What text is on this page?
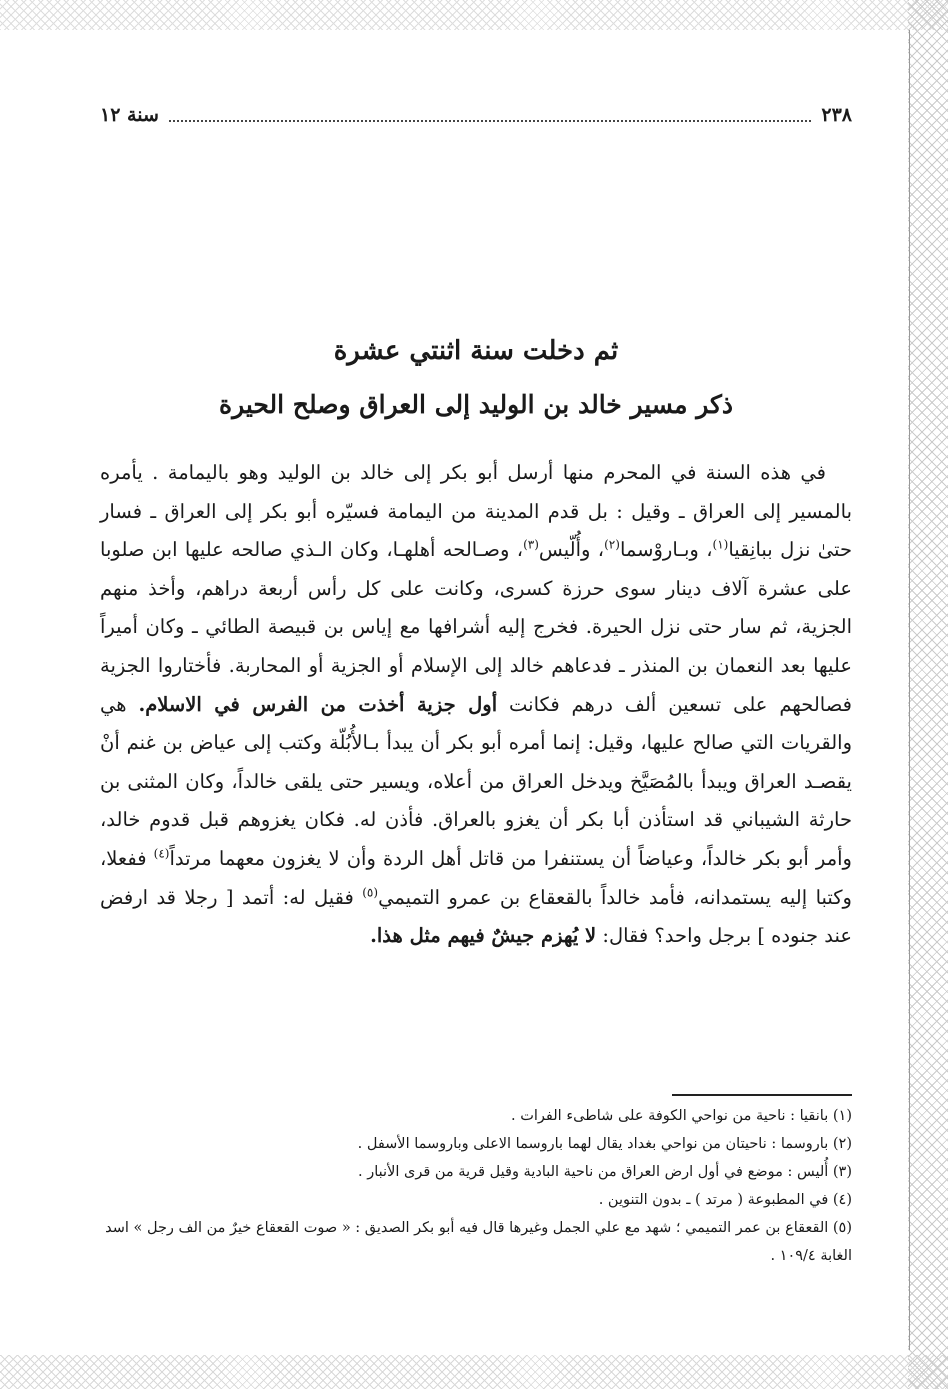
٢٣٨
سنة ١٢
ثم دخلت سنة اثنتي عشرة
ذكر مسير خالد بن الوليد إلى العراق وصلح الحيرة

في هذه السنة في المحرم منها أرسل أبو بكر إلى خالد بن الوليد وهو باليمامة . يأمره بالمسير إلى العراق ـ وقيل : بل قدم المدينة من اليمامة فسيّره أبو بكر إلى العراق ـ فسار حتىٰ نزل ببانِقيا$^{(١)}$، وبـاروْسما$^{(٢)}$، وأُلّيس$^{(٣)}$، وصـالحه أهلهـا، وكان الـذي صالحه عليها ابن صلوبا على عشرة آلاف دينار سوى حرزة كسرى، وكانت على كل رأس أربعة دراهم، وأخذ منهم الجزية، ثم سار حتى نزل الحيرة. فخرج إليه أشرافها مع إياس بن قبيصة الطائي ـ وكان أميراً عليها بعد النعمان بن المنذر ـ فدعاهم خالد إلى الإسلام أو الجزية أو المحاربة. فأختاروا الجزية فصالحهم على تسعين ألف درهم فكانت أول جزية أخذت من الفرس في الاسلام. هي والقريات التي صالح عليها، وقيل: إنما أمره أبو بكر أن يبدأ بـالأُبُلّة وكتب إلى عياض بن غنم أنْ يقصـد العراق ويبدأ بالمُصَيَّخ ويدخل العراق من أعلاه، ويسير حتى يلقى خالداً، وكان المثنى بن حارثة الشيباني قد استأذن أبا بكر أن يغزو بالعراق. فأذن له. فكان يغزوهم قبل قدوم خالد، وأمر أبو بكر خالداً، وعياضاً أن يستنفرا من قاتل أهل الردة وأن لا يغزون معهما مرتداً$^{(٤)}$ ففعلا، وكتبا إليه يستمدانه، فأمد خالداً بالقعقاع بن عمرو التميمي$^{(٥)}$ فقيل له: أتمد [ رجلا قد ارفض عند جنوده ] برجل واحد؟ فقال: لا يُهزم جيشٌ فيهم مثل هذا.

(١) بانقيا : ناحية من نواحي الكوفة على شاطىء الفرات .

(٢) باروسما : ناحيتان من نواحي بغداد يقال لهما باروسما الاعلى وباروسما الأسفل .

(٣) أُليس : موضع في أول ارض العراق من ناحية البادية وقيل قرية من قرى الأنبار .

(٤) في المطبوعة ( مرتد ) ـ بدون التنوين .

(٥) القعقاع بن عمر التميمي ؛ شهد مع علي الجمل وغيرها قال فيه أبو بكر الصديق : « صوت القعقاع خيرٌ من الف رجل » اسد الغابة ١٠٩/٤ .
